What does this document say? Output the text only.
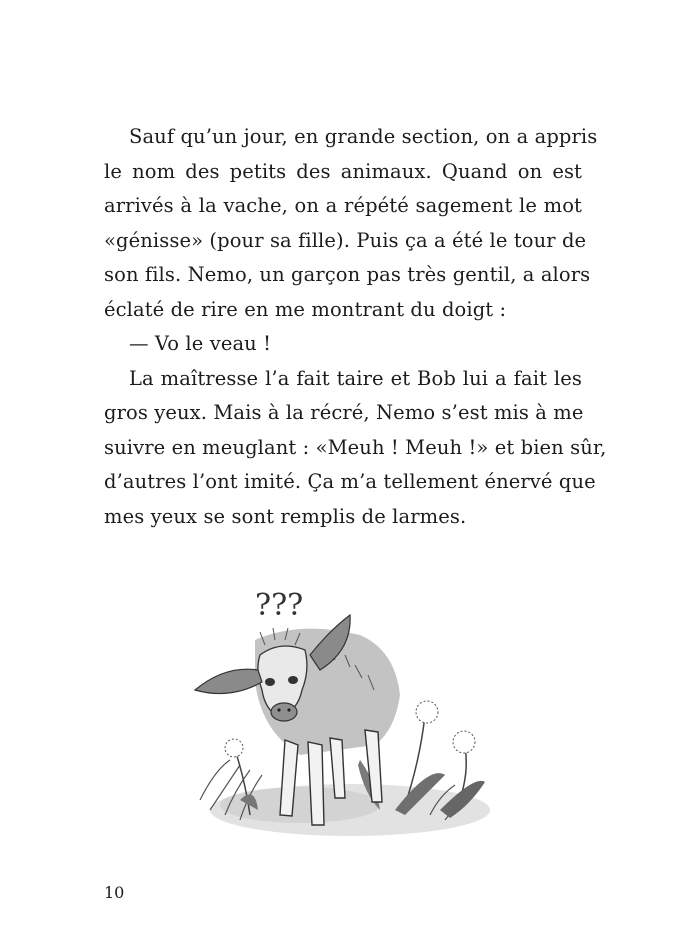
Sauf qu’un jour, en grande section, on a appris
le nom des petits des animaux. Quand on est
arrivés à la vache, on a répété sagement le mot
«génisse» (pour sa fille). Puis ça a été le tour de
son fils. Nemo, un garçon pas très gentil, a alors
éclaté de rire en me montrant du doigt :
— Vo le veau !
La maîtresse l’a fait taire et Bob lui a fait les
gros yeux. Mais à la récré, Nemo s’est mis à me
suivre en meuglant : «Meuh ! Meuh !» et bien sûr,
d’autres l’ont imité. Ça m’a tellement énervé que
mes yeux se sont remplis de larmes.
???
10
